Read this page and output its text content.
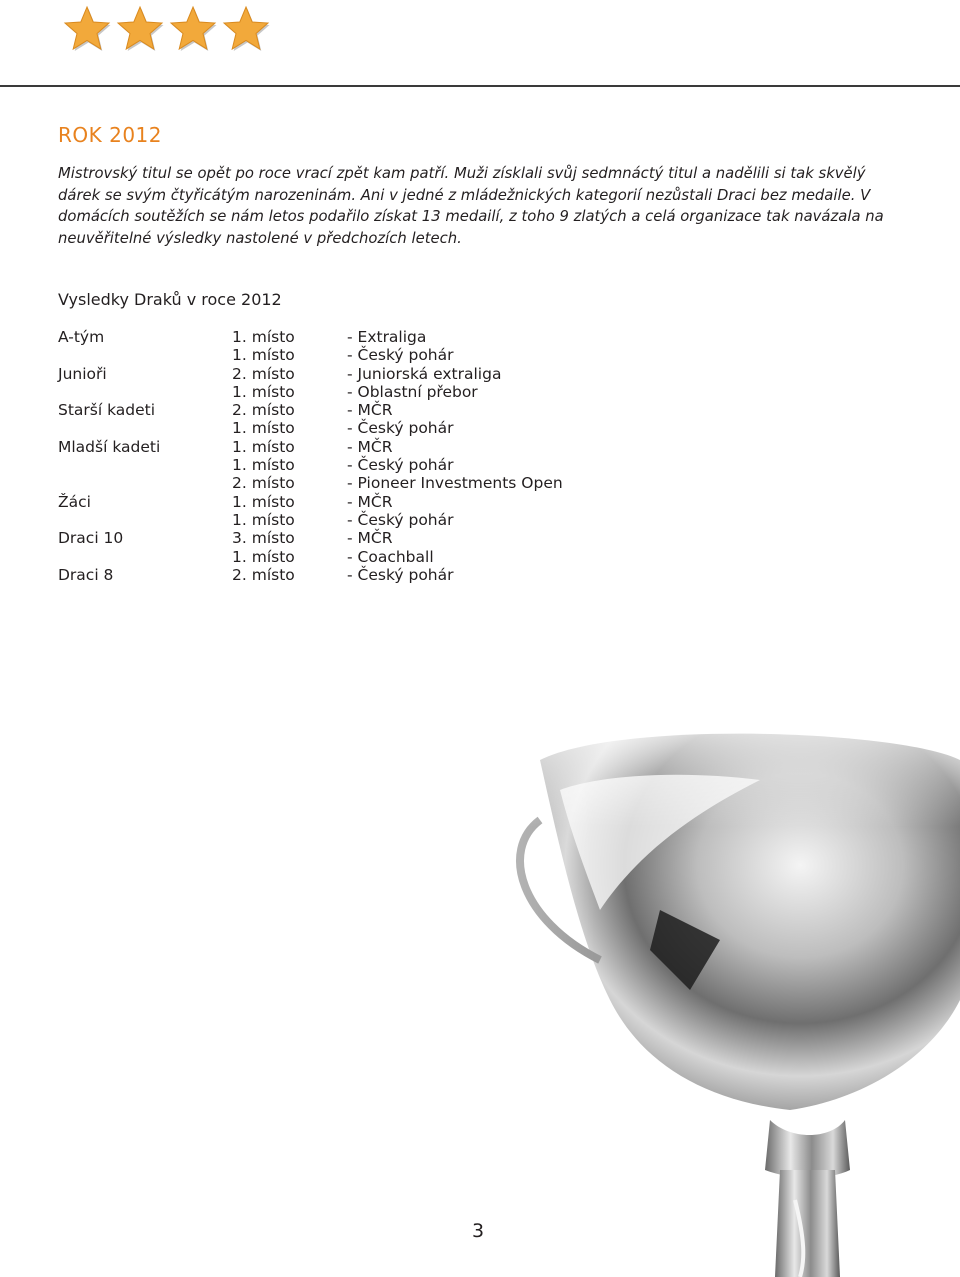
ROK 2012

Mistrovský titul se opět po roce vrací zpět kam patří. Muži získlali svůj sedmnáctý titul a nadělili si tak skvělý dárek se svým čtyřicátým narozeninám. Ani v jedné z mládežnických kategorií nezůstali Draci bez medaile. V domácích soutěžích se nám letos podařilo získat 13 medailí, z toho 9 zlatých a celá organizace tak navázala na neuvěřitelné výsledky nastolené v předchozích letech.

Vysledky Draků v roce 2012
A-tým	1. místo	- Extraliga
	1. místo	- Český pohár
Junioři	2. místo	- Juniorská extraliga
	1. místo	- Oblastní přebor
Starší kadeti	2. místo	- MČR
	1. místo	- Český pohár
Mladší kadeti	1. místo	- MČR
	1. místo	- Český pohár
	2. místo	- Pioneer Investments Open
Žáci	1. místo	- MČR
	1. místo	- Český pohár
Draci 10	3. místo	- MČR
	1. místo	- Coachball
Draci 8	2. místo	- Český pohár
3
